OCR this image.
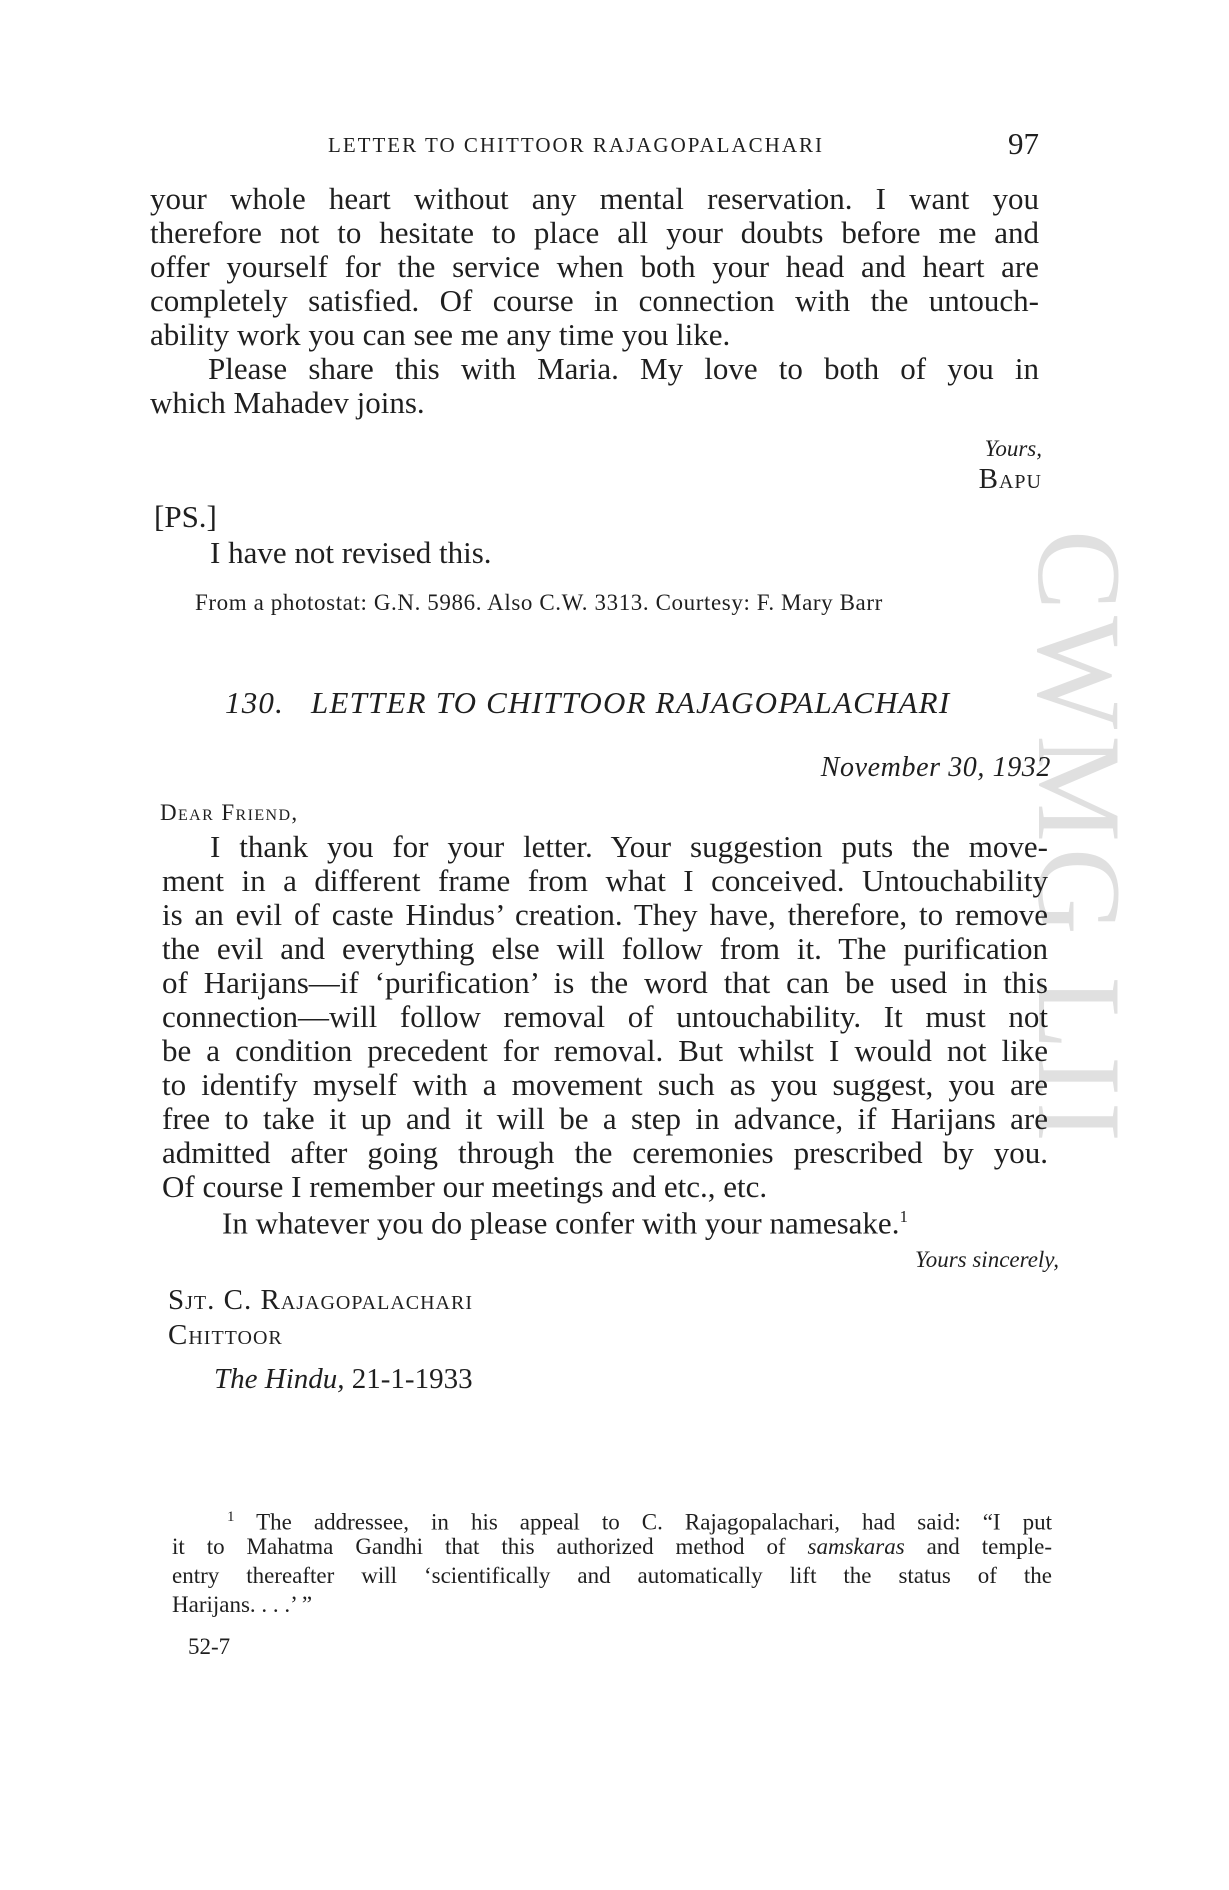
CWMG LII
LETTER TO CHITTOOR RAJAGOPALACHARI	97
your whole heart without any mental reservation. I want you
therefore not to hesitate to place all your doubts before me and
offer yourself for the service when both your head and heart are
completely satisfied. Of course in connection with the untouch-
ability work you can see me any time you like.
Please share this with Maria. My love to both of you in
which Mahadev joins.
Yours,
Bapu
[PS.]
I have not revised this.
From a photostat: G.N. 5986. Also C.W. 3313. Courtesy: F. Mary Barr
130. LETTER TO CHITTOOR RAJAGOPALACHARI
November 30, 1932
Dear Friend,
I thank you for your letter. Your suggestion puts the move-
ment in a different frame from what I conceived. Untouchability
is an evil of caste Hindus’ creation. They have, therefore, to remove
the evil and everything else will follow from it. The purification
of Harijans—if ‘purification’ is the word that can be used in this
connection—will follow removal of untouchability. It must not
be a condition precedent for removal. But whilst I would not like
to identify myself with a movement such as you suggest, you are
free to take it up and it will be a step in advance, if Harijans are
admitted after going through the ceremonies prescribed by you.
Of course I remember our meetings and etc., etc.
In whatever you do please confer with your namesake.$^1$
Yours sincerely,
Sjt. C. Rajagopalachari
Chittoor
The Hindu, 21-1-1933
$^1$ The addressee, in his appeal to C. Rajagopalachari, had said: “I put
it to Mahatma Gandhi that this authorized method of samskaras and temple-
entry thereafter will ‘scientifically and automatically lift the status of the
Harijans. . . .’ ”
52-7
